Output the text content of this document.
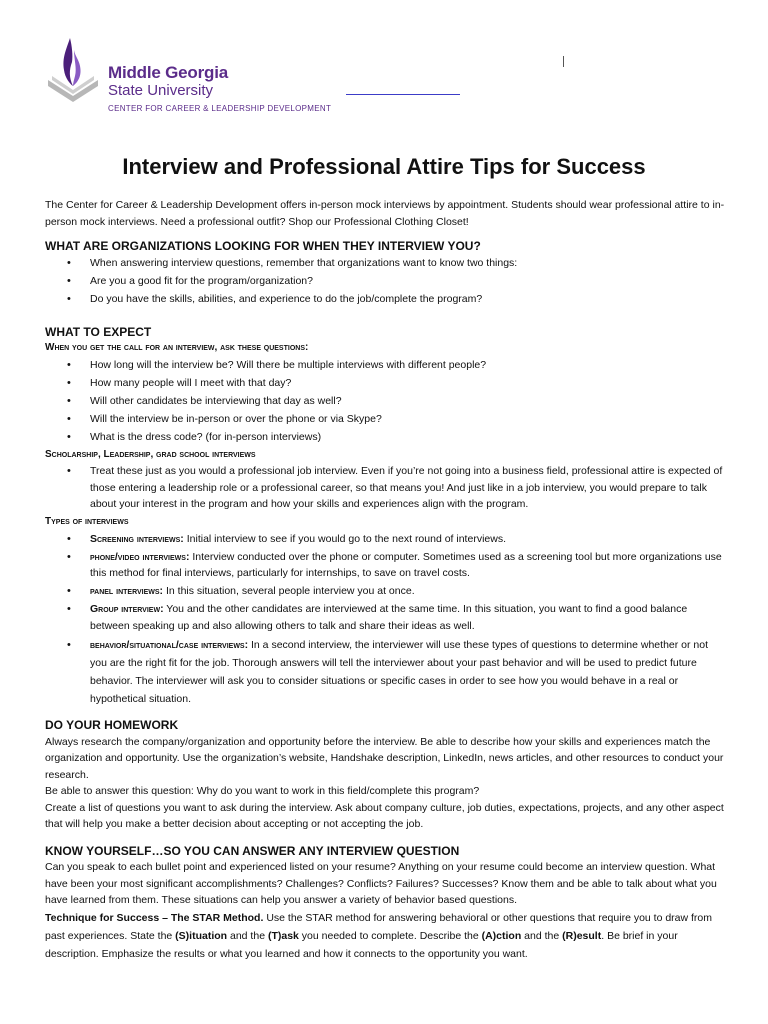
Middle Georgia
State University
CENTER FOR CAREER & LEADERSHIP DEVELOPMENT
Interview and Professional Attire Tips for Success

The Center for Career & Leadership Development offers in-person mock interviews by appointment. Students should wear professional attire to in-person mock interviews. Need a professional outfit? Shop our Professional Clothing Closet!

WHAT ARE ORGANIZATIONS LOOKING FOR WHEN THEY INTERVIEW YOU?

• When answering interview questions, remember that organizations want to know two things:
• Are you a good fit for the program/organization?
• Do you have the skills, abilities, and experience to do the job/complete the program?

WHAT TO EXPECT

When you get the call for an interview, ask these questions:

• How long will the interview be? Will there be multiple interviews with different people?
• How many people will I meet with that day?
• Will other candidates be interviewing that day as well?
• Will the interview be in-person or over the phone or via Skype?
• What is the dress code? (for in-person interviews)

Scholarship, Leadership, grad school interviews

• Treat these just as you would a professional job interview. Even if you’re not going into a business field, professional attire is expected of those entering a leadership role or a professional career, so that means you! And just like in a job interview, you would prepare to talk about your interest in the program and how your skills and experiences align with the program.

Types of interviews

• Screening interviews: Initial interview to see if you would go to the next round of interviews.
• phone/video interviews: Interview conducted over the phone or computer. Sometimes used as a screening tool but more organizations use this method for final interviews, particularly for internships, to save on travel costs.
• panel interviews: In this situation, several people interview you at once.
• Group interview: You and the other candidates are interviewed at the same time. In this situation, you want to find a good balance between speaking up and also allowing others to talk and share their ideas as well.
• behavior/situational/case interviews: In a second interview, the interviewer will use these types of questions to determine whether or not you are the right fit for the job. Thorough answers will tell the interviewer about your past behavior and will be used to predict future behavior. The interviewer will ask you to consider situations or specific cases in order to see how you would behave in a real or hypothetical situation.

DO YOUR HOMEWORK

Always research the company/organization and opportunity before the interview. Be able to describe how your skills and experiences match the organization and opportunity. Use the organization’s website, Handshake description, LinkedIn, news articles, and other resources to conduct your research.

Be able to answer this question: Why do you want to work in this field/complete this program?

Create a list of questions you want to ask during the interview. Ask about company culture, job duties, expectations, projects, and any other aspect that will help you make a better decision about accepting or not accepting the job.

KNOW YOURSELF…SO YOU CAN ANSWER ANY INTERVIEW QUESTION

Can you speak to each bullet point and experienced listed on your resume? Anything on your resume could become an interview question. What have been your most significant accomplishments? Challenges? Conflicts? Failures? Successes? Know them and be able to talk about what you have learned from them. These situations can help you answer a variety of behavior based questions.

Technique for Success – The STAR Method. Use the STAR method for answering behavioral or other questions that require you to draw from past experiences. State the (S)ituation and the (T)ask you needed to complete. Describe the (A)ction and the (R)esult. Be brief in your description. Emphasize the results or what you learned and how it connects to the opportunity you want.
